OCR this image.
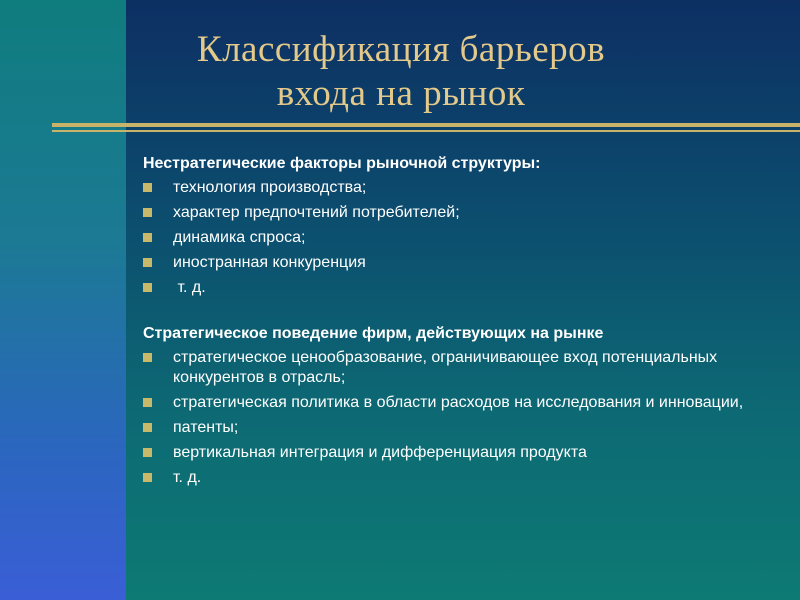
Классификация барьеров
входа на рынок
Нестратегические факторы рыночной структуры:
технология производства;
характер предпочтений потребителей;
динамика спроса;
иностранная конкуренция
т. д.
Стратегическое поведение фирм, действующих на рынке
стратегическое ценообразование, ограничивающее вход потенциальных конкурентов в отрасль;
стратегическая политика в области расходов на исследования и инновации,
патенты;
вертикальная интеграция и дифференциация продукта
т. д.
